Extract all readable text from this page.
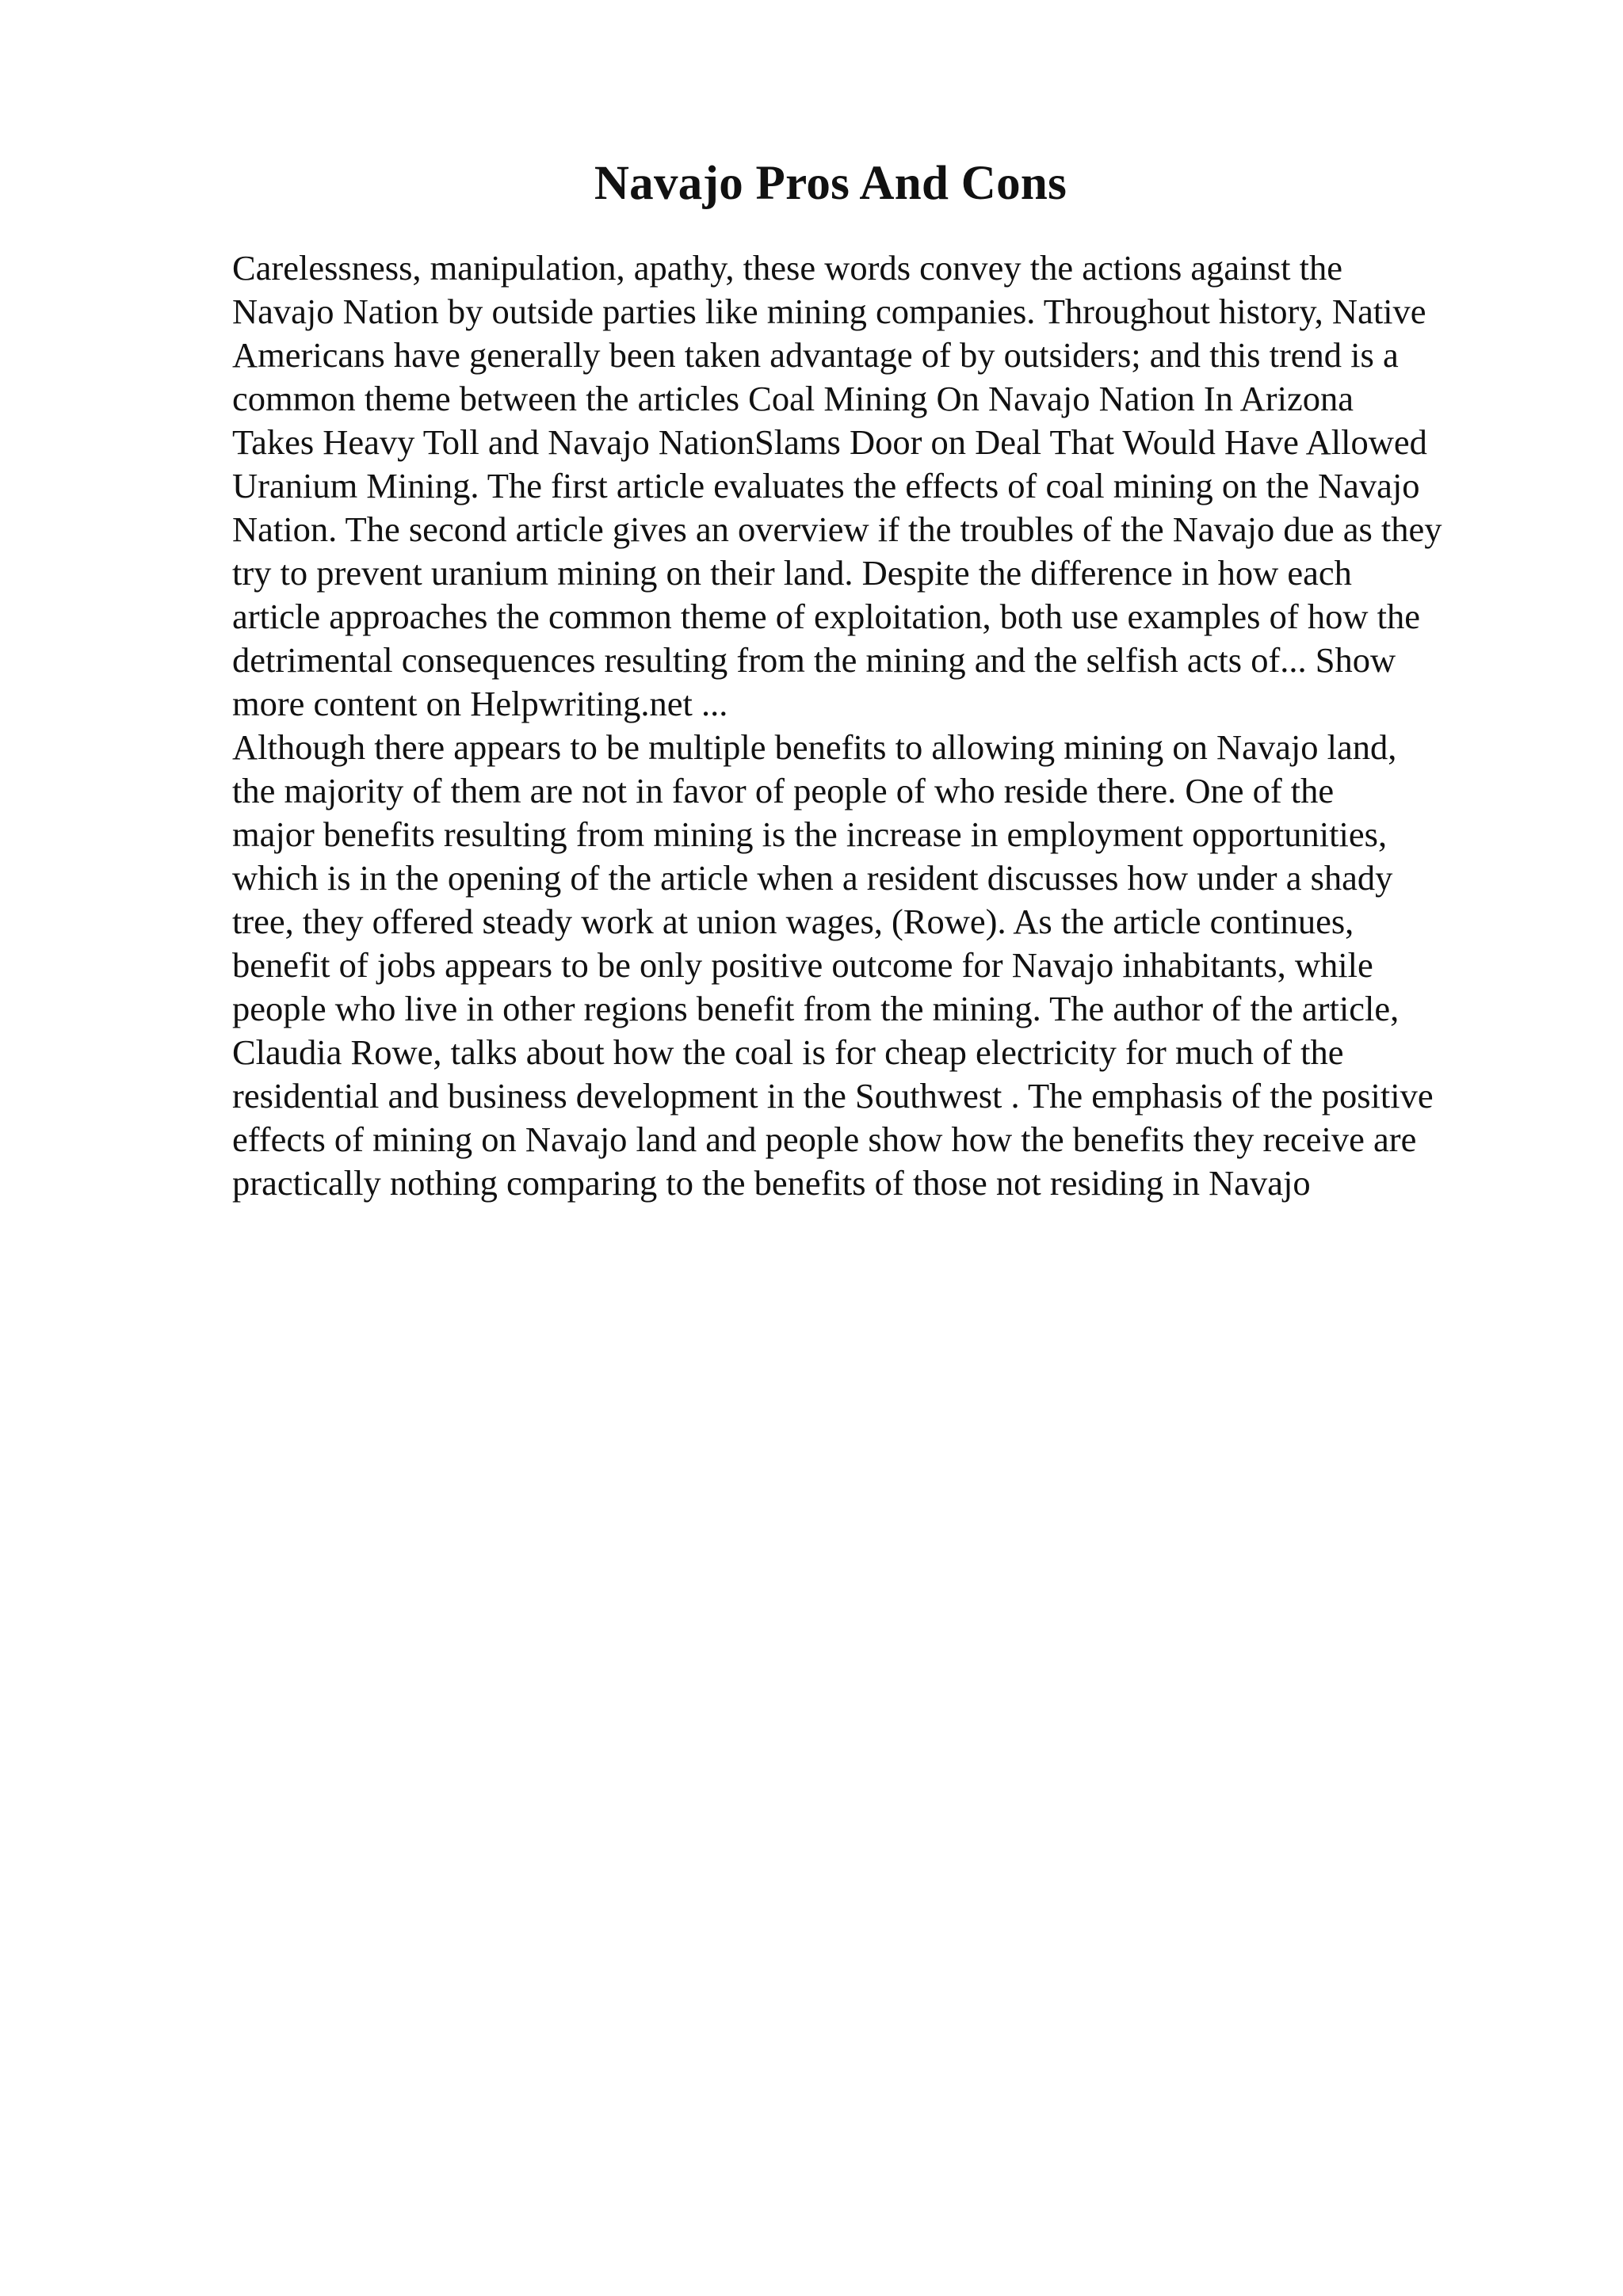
Navajo Pros And Cons
Carelessness, manipulation, apathy, these words convey the actions against the
Navajo Nation by outside parties like mining companies. Throughout history, Native
Americans have generally been taken advantage of by outsiders; and this trend is a
common theme between the articles Coal Mining On Navajo Nation In Arizona
Takes Heavy Toll and Navajo NationSlams Door on Deal That Would Have Allowed
Uranium Mining. The first article evaluates the effects of coal mining on the Navajo
Nation. The second article gives an overview if the troubles of the Navajo due as they
try to prevent uranium mining on their land. Despite the difference in how each
article approaches the common theme of exploitation, both use examples of how the
detrimental consequences resulting from the mining and the selfish acts of... Show
more content on Helpwriting.net ...
Although there appears to be multiple benefits to allowing mining on Navajo land,
the majority of them are not in favor of people of who reside there. One of the
major benefits resulting from mining is the increase in employment opportunities,
which is in the opening of the article when a resident discusses how under a shady
tree, they offered steady work at union wages, (Rowe). As the article continues,
benefit of jobs appears to be only positive outcome for Navajo inhabitants, while
people who live in other regions benefit from the mining. The author of the article,
Claudia Rowe, talks about how the coal is for cheap electricity for much of the
residential and business development in the Southwest . The emphasis of the positive
effects of mining on Navajo land and people show how the benefits they receive are
practically nothing comparing to the benefits of those not residing in Navajo
